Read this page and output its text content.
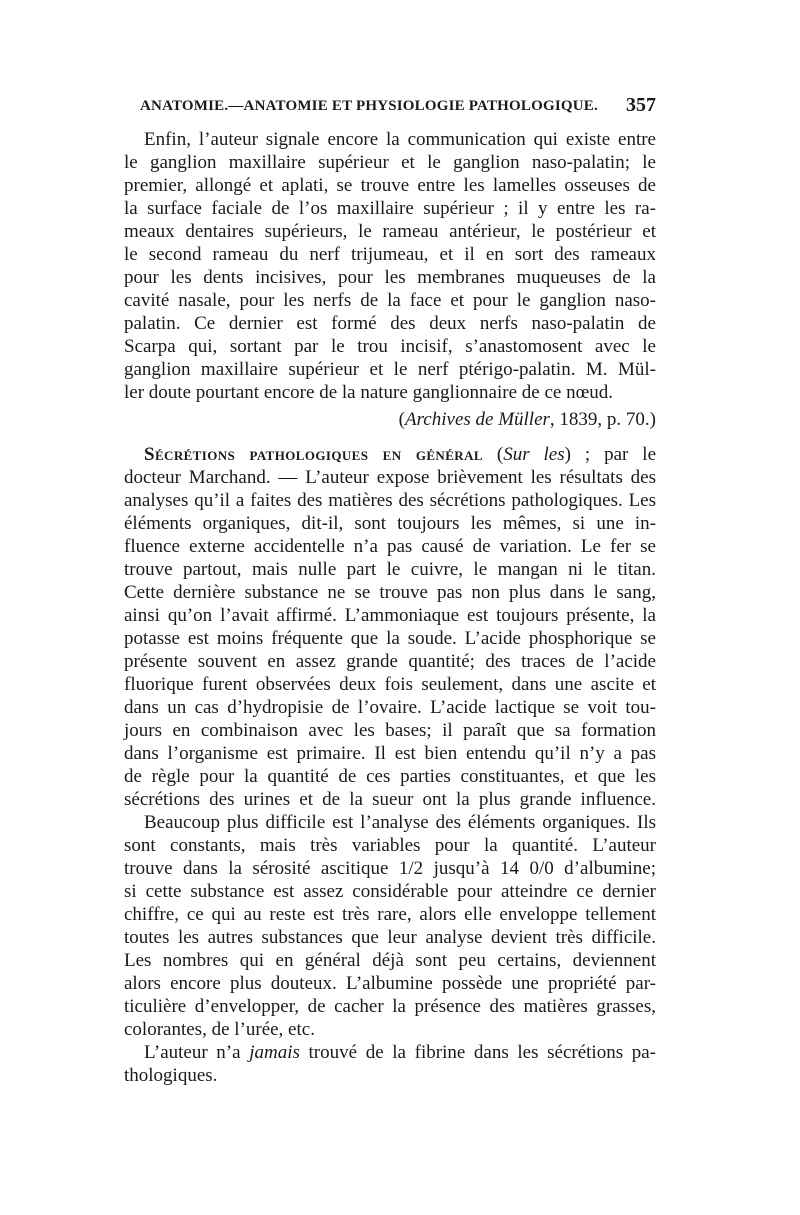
ANATOMIE.—ANATOMIE ET PHYSIOLOGIE PATHOLOGIQUE. 357
Enfin, l’auteur signale encore la communication qui existe entre
le ganglion maxillaire supérieur et le ganglion naso-palatin; le
premier, allongé et aplati, se trouve entre les lamelles osseuses de
la surface faciale de l’os maxillaire supérieur ; il y entre les ra-
meaux dentaires supérieurs, le rameau antérieur, le postérieur et
le second rameau du nerf trijumeau, et il en sort des rameaux
pour les dents incisives, pour les membranes muqueuses de la
cavité nasale, pour les nerfs de la face et pour le ganglion naso-
palatin. Ce dernier est formé des deux nerfs naso-palatin de
Scarpa qui, sortant par le trou incisif, s’anastomosent avec le
ganglion maxillaire supérieur et le nerf ptérigo-palatin. M. Mül-
ler doute pourtant encore de la nature ganglionnaire de ce nœud.
(Archives de Müller, 1839, p. 70.)
Sécrétions pathologiques en général (Sur les) ; par le
docteur Marchand. — L’auteur expose brièvement les résultats des
analyses qu’il a faites des matières des sécrétions pathologiques. Les
éléments organiques, dit-il, sont toujours les mêmes, si une in-
fluence externe accidentelle n’a pas causé de variation. Le fer se
trouve partout, mais nulle part le cuivre, le mangan ni le titan.
Cette dernière substance ne se trouve pas non plus dans le sang,
ainsi qu’on l’avait affirmé. L’ammoniaque est toujours présente, la
potasse est moins fréquente que la soude. L’acide phosphorique se
présente souvent en assez grande quantité; des traces de l’acide
fluorique furent observées deux fois seulement, dans une ascite et
dans un cas d’hydropisie de l’ovaire. L’acide lactique se voit tou-
jours en combinaison avec les bases; il paraît que sa formation
dans l’organisme est primaire. Il est bien entendu qu’il n’y a pas
de règle pour la quantité de ces parties constituantes, et que les
sécrétions des urines et de la sueur ont la plus grande influence.
Beaucoup plus difficile est l’analyse des éléments organiques. Ils
sont constants, mais très variables pour la quantité. L’auteur
trouve dans la sérosité ascitique 1/2 jusqu’à 14 0/0 d’albumine;
si cette substance est assez considérable pour atteindre ce dernier
chiffre, ce qui au reste est très rare, alors elle enveloppe tellement
toutes les autres substances que leur analyse devient très difficile.
Les nombres qui en général déjà sont peu certains, deviennent
alors encore plus douteux. L’albumine possède une propriété par-
ticulière d’envelopper, de cacher la présence des matières grasses,
colorantes, de l’urée, etc.
L’auteur n’a jamais trouvé de la fibrine dans les sécrétions pa-
thologiques.
